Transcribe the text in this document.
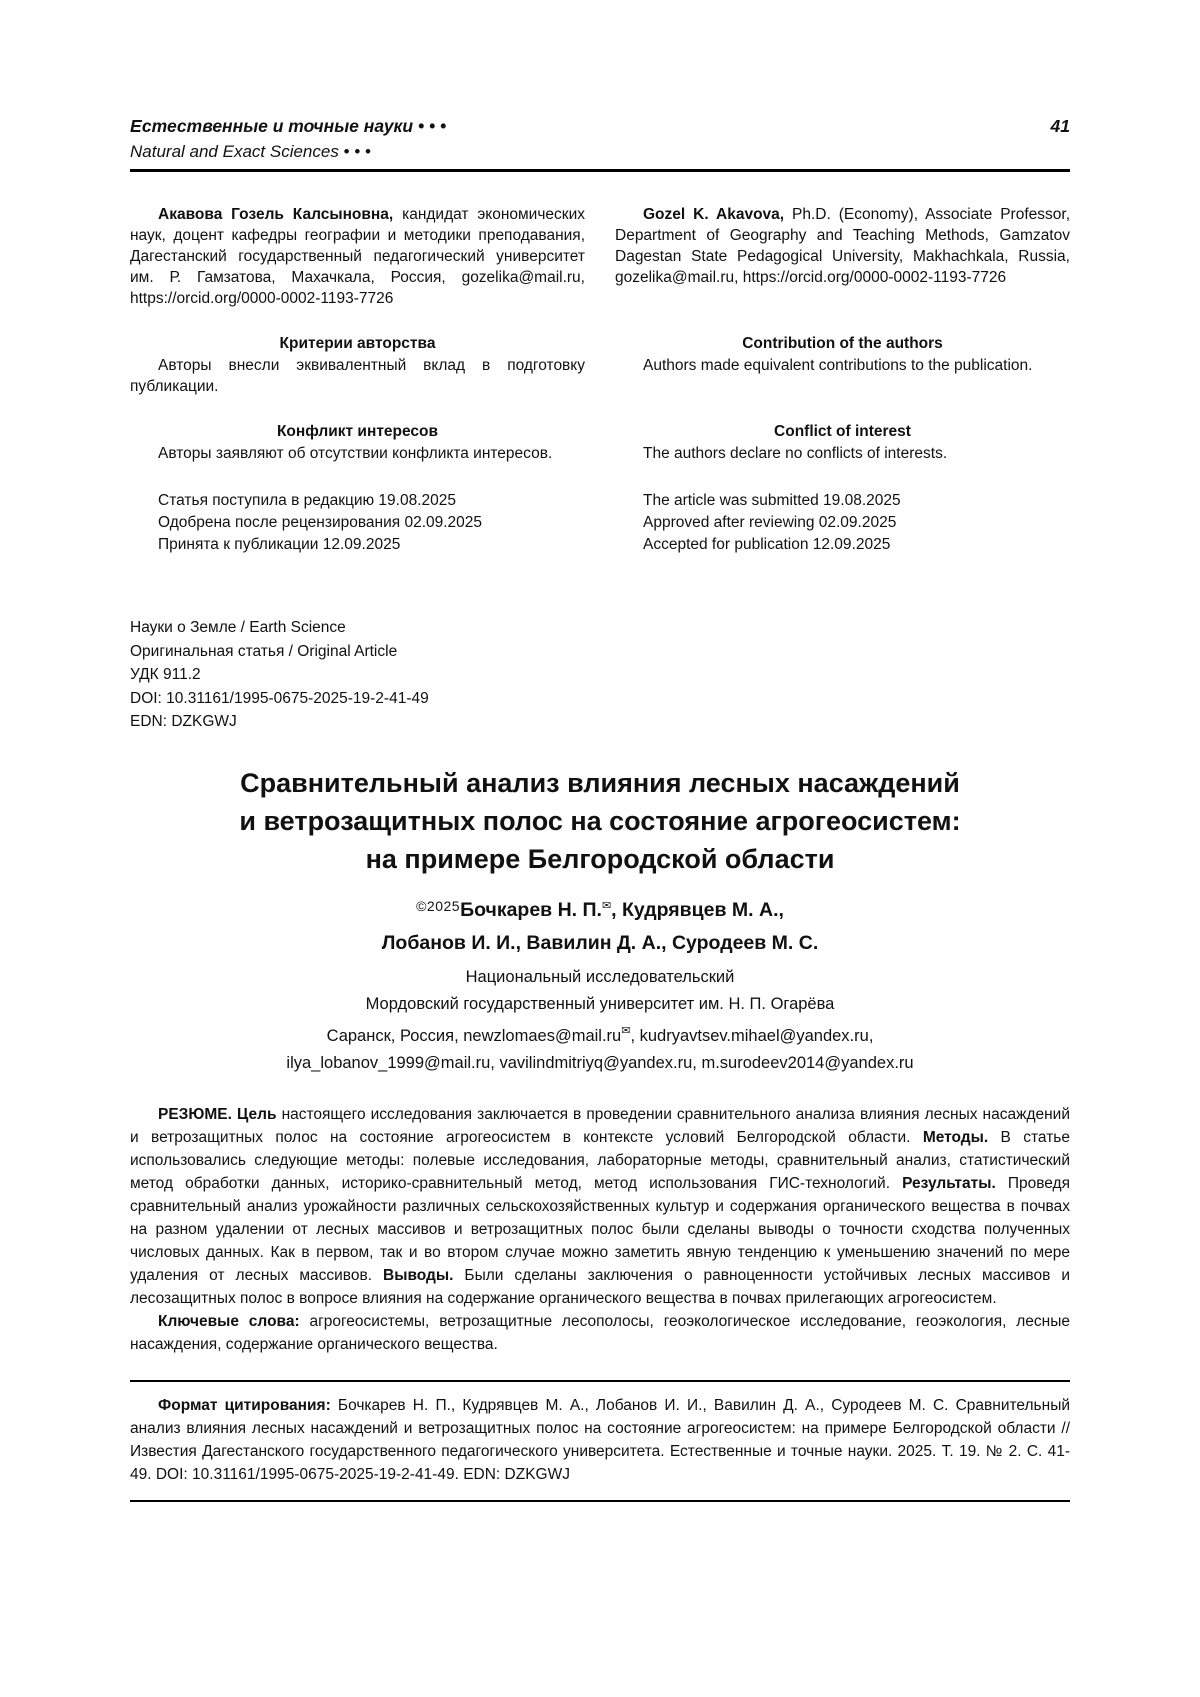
Естественные и точные науки • • •	41
Natural and Exact Sciences • • •

Акавова Гозель Калсыновна, кандидат экономических наук, доцент кафедры географии и методики преподавания, Дагестанский государственный педагогический университет им. Р. Гамзатова, Махачкала, Россия, gozelika@mail.ru, https://orcid.org/0000-0002-1193-7726

Gozel K. Akavova, Ph.D. (Economy), Associate Professor, Department of Geography and Teaching Methods, Gamzatov Dagestan State Pedagogical University, Makhachkala, Russia, gozelika@mail.ru, https://orcid.org/0000-0002-1193-7726

Критерии авторства

Авторы внесли эквивалентный вклад в подготовку публикации.

Contribution of the authors

Authors made equivalent contributions to the publication.

Конфликт интересов

Авторы заявляют об отсутствии конфликта интересов.

Conflict of interest

The authors declare no conflicts of interests.

Статья поступила в редакцию 19.08.2025
Одобрена после рецензирования 02.09.2025
Принята к публикации 12.09.2025
The article was submitted 19.08.2025
Approved after reviewing 02.09.2025
Accepted for publication 12.09.2025
Науки о Земле / Earth Science
Оригинальная статья / Original Article
УДК 911.2
DOI: 10.31161/1995-0675-2025-19-2-41-49
EDN: DZKGWJ
Сравнительный анализ влияния лесных насаждений
и ветрозащитных полос на состояние агрогеосистем:
на примере Белгородской области
$^{©2025}$Бочкарев Н. П.✉, Кудрявцев М. А.,
Лобанов И. И., Вавилин Д. А., Суродеев М. С.
Национальный исследовательский
Мордовский государственный университет им. Н. П. Огарёва
Саранск, Россия, newzlomaes@mail.ru✉, kudryavtsev.mihael@yandex.ru,
ilya_lobanov_1999@mail.ru, vavilindmitriyq@yandex.ru, m.surodeev2014@yandex.ru

РЕЗЮМЕ. Цель настоящего исследования заключается в проведении сравнительного анализа влияния лесных насаждений и ветрозащитных полос на состояние агрогеосистем в контексте условий Белгородской области. Методы. В статье использовались следующие методы: полевые исследования, лабораторные методы, сравнительный анализ, статистический метод обработки данных, историко-сравнительный метод, метод использования ГИС-технологий. Результаты. Проведя сравнительный анализ урожайности различных сельскохозяйственных культур и содержания органического вещества в почвах на разном удалении от лесных массивов и ветрозащитных полос были сделаны выводы о точности сходства полученных числовых данных. Как в первом, так и во втором случае можно заметить явную тенденцию к уменьшению значений по мере удаления от лесных массивов. Выводы. Были сделаны заключения о равноценности устойчивых лесных массивов и лесозащитных полос в вопросе влияния на содержание органического вещества в почвах прилегающих агрогеосистем.

Ключевые слова: агрогеосистемы, ветрозащитные лесополосы, геоэкологическое исследование, геоэкология, лесные насаждения, содержание органического вещества.

Формат цитирования: Бочкарев Н. П., Кудрявцев М. А., Лобанов И. И., Вавилин Д. А., Суродеев М. С. Сравнительный анализ влияния лесных насаждений и ветрозащитных полос на состояние агрогеосистем: на примере Белгородской области // Известия Дагестанского государственного педагогического университета. Естественные и точные науки. 2025. Т. 19. № 2. С. 41-49. DOI: 10.31161/1995-0675-2025-19-2-41-49. EDN: DZKGWJ
